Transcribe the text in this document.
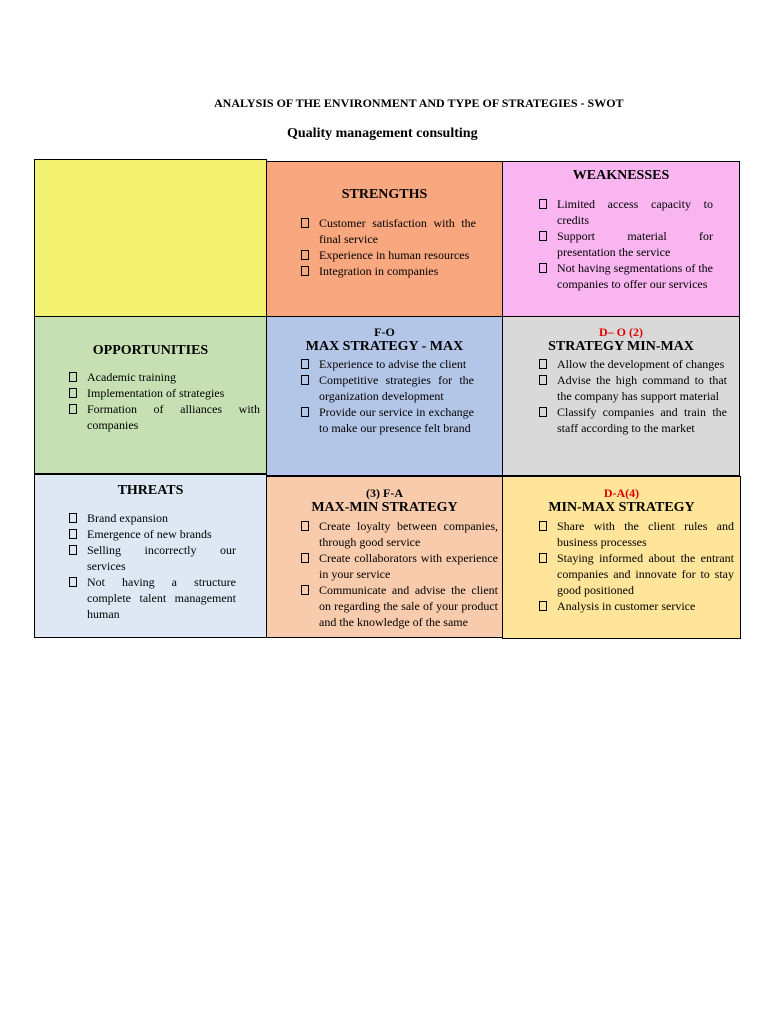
ANALYSIS OF THE ENVIRONMENT AND TYPE OF STRATEGIES - SWOT
Quality management consulting
STRENGTHS
Customer satisfaction with the final service
Experience in human resources
Integration in companies
WEAKNESSES
Limited access capacity to credits
Support material for presentation the service
Not having segmentations of the companies to offer our services
OPPORTUNITIES
Academic training
Implementation of strategies
Formation of alliances with companies
F-O
MAX STRATEGY - MAX
Experience to advise the client
Competitive strategies for the organization development
Provide our service in exchange to make our presence felt brand
D– O (2)
STRATEGY MIN-MAX
Allow the development of changes
Advise the high command to that the company has support material
Classify companies and train the staff according to the market
THREATS
Brand expansion
Emergence of new brands
Selling incorrectly our services
Not having a structure complete talent management human
(3) F-A
MAX-MIN STRATEGY
Create loyalty between companies, through good service
Create collaborators with experience in your service
Communicate and advise the client on regarding the sale of your product and the knowledge of the same
D-A(4)
MIN-MAX STRATEGY
Share with the client rules and business processes
Staying informed about the entrant companies and innovate for to stay good positioned
Analysis in customer service
